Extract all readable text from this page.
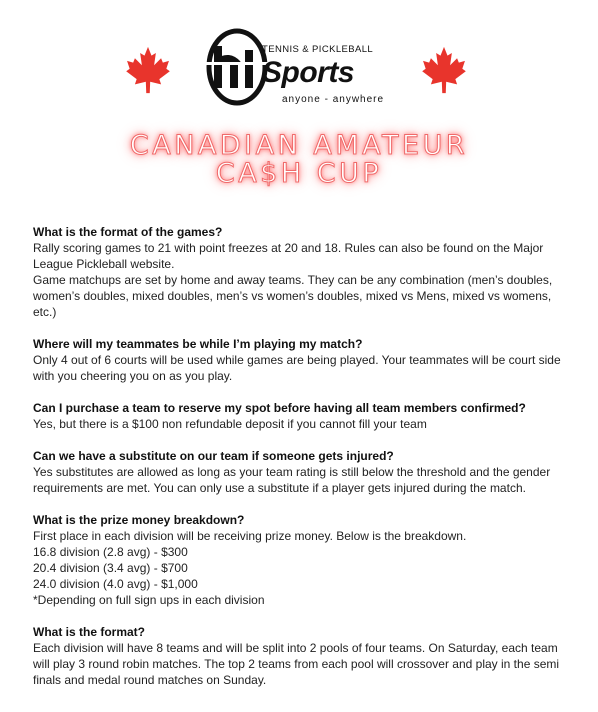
TENNIS & PICKLEBALL
Sports
anyone - anywhere
CANADIAN AMATEUR
CA$H CUP

What is the format of the games?

Rally scoring games to 21 with point freezes at 20 and 18. Rules can also be found on the Major League Pickleball website.

Game matchups are set by home and away teams. They can be any combination (men’s doubles, women’s doubles, mixed doubles, men’s vs women’s doubles, mixed vs Mens, mixed vs womens, etc.)

Where will my teammates be while I’m playing my match?

Only 4 out of 6 courts will be used while games are being played. Your teammates will be court side with you cheering you on as you play.

Can I purchase a team to reserve my spot before having all team members confirmed?

Yes, but there is a $100 non refundable deposit if you cannot fill your team

Can we have a substitute on our team if someone gets injured?

Yes substitutes are allowed as long as your team rating is still below the threshold and the gender requirements are met. You can only use a substitute if a player gets injured during the match.

What is the prize money breakdown?

First place in each division will be receiving prize money. Below is the breakdown.

16.8 division (2.8 avg) - $300

20.4 division (3.4 avg) - $700

24.0 division (4.0 avg) - $1,000

*Depending on full sign ups in each division

What is the format?

Each division will have 8 teams and will be split into 2 pools of four teams. On Saturday, each team will play 3 round robin matches. The top 2 teams from each pool will crossover and play in the semi finals and medal round matches on Sunday.
